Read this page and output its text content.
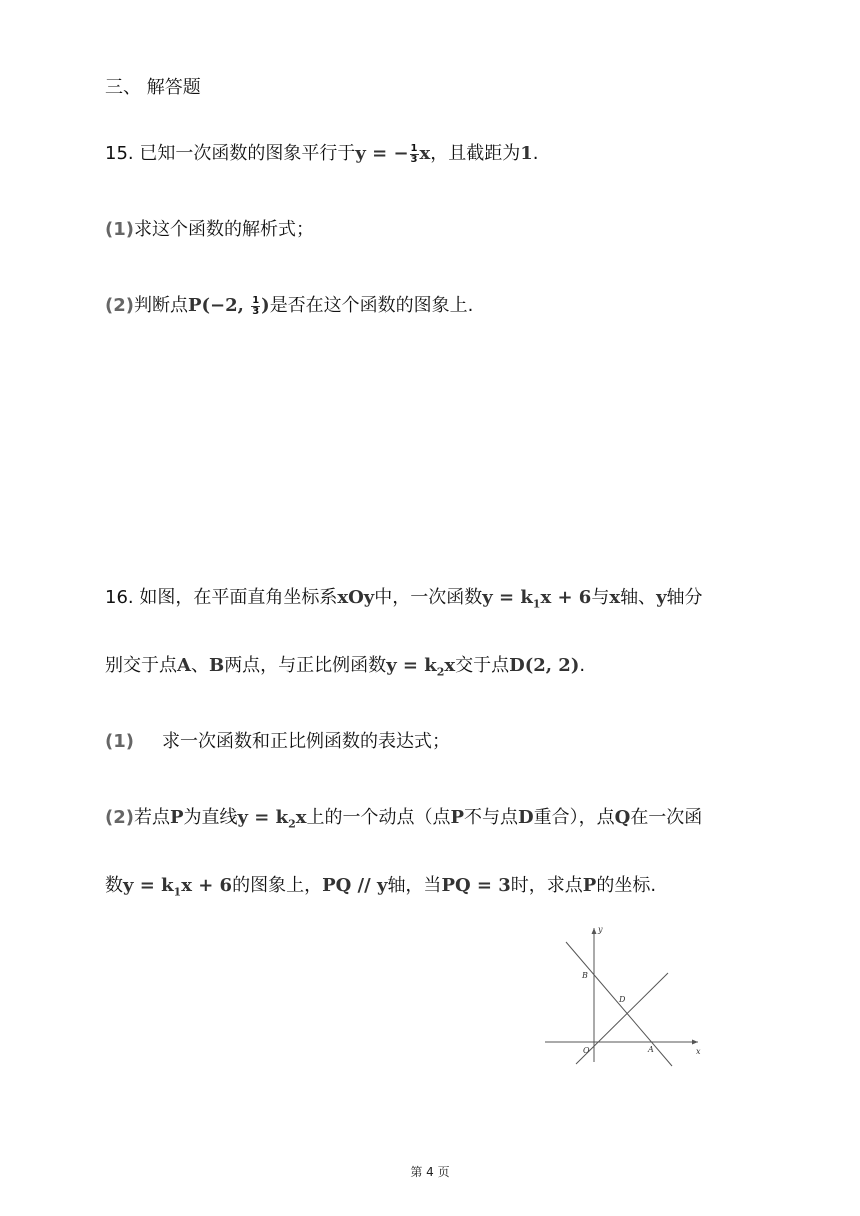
三、 解答题
15. 已知一次函数的图象平行于y = − $\frac{1}{3}$ x，且截距为1.
(1)求这个函数的解析式；
(2)判断点P(−2, $\frac{1}{3}$ )是否在这个函数的图象上.
16. 如图，在平面直角坐标系xOy中，一次函数$y = k_1x + 6$与x轴、y轴分
别交于点A、B两点，与正比例函数$y = k_2x$交于点D(2, 2).
(1) 求一次函数和正比例函数的表达式；
(2)若点P为直线$y = k_2x$上的一个动点（点P不与点D重合），点Q在一次函
数$y = k_1x + 6$的图象上，PQ // y轴，当PQ = 3时，求点P的坐标.
y
x
B
D
O	A
第 4 页
